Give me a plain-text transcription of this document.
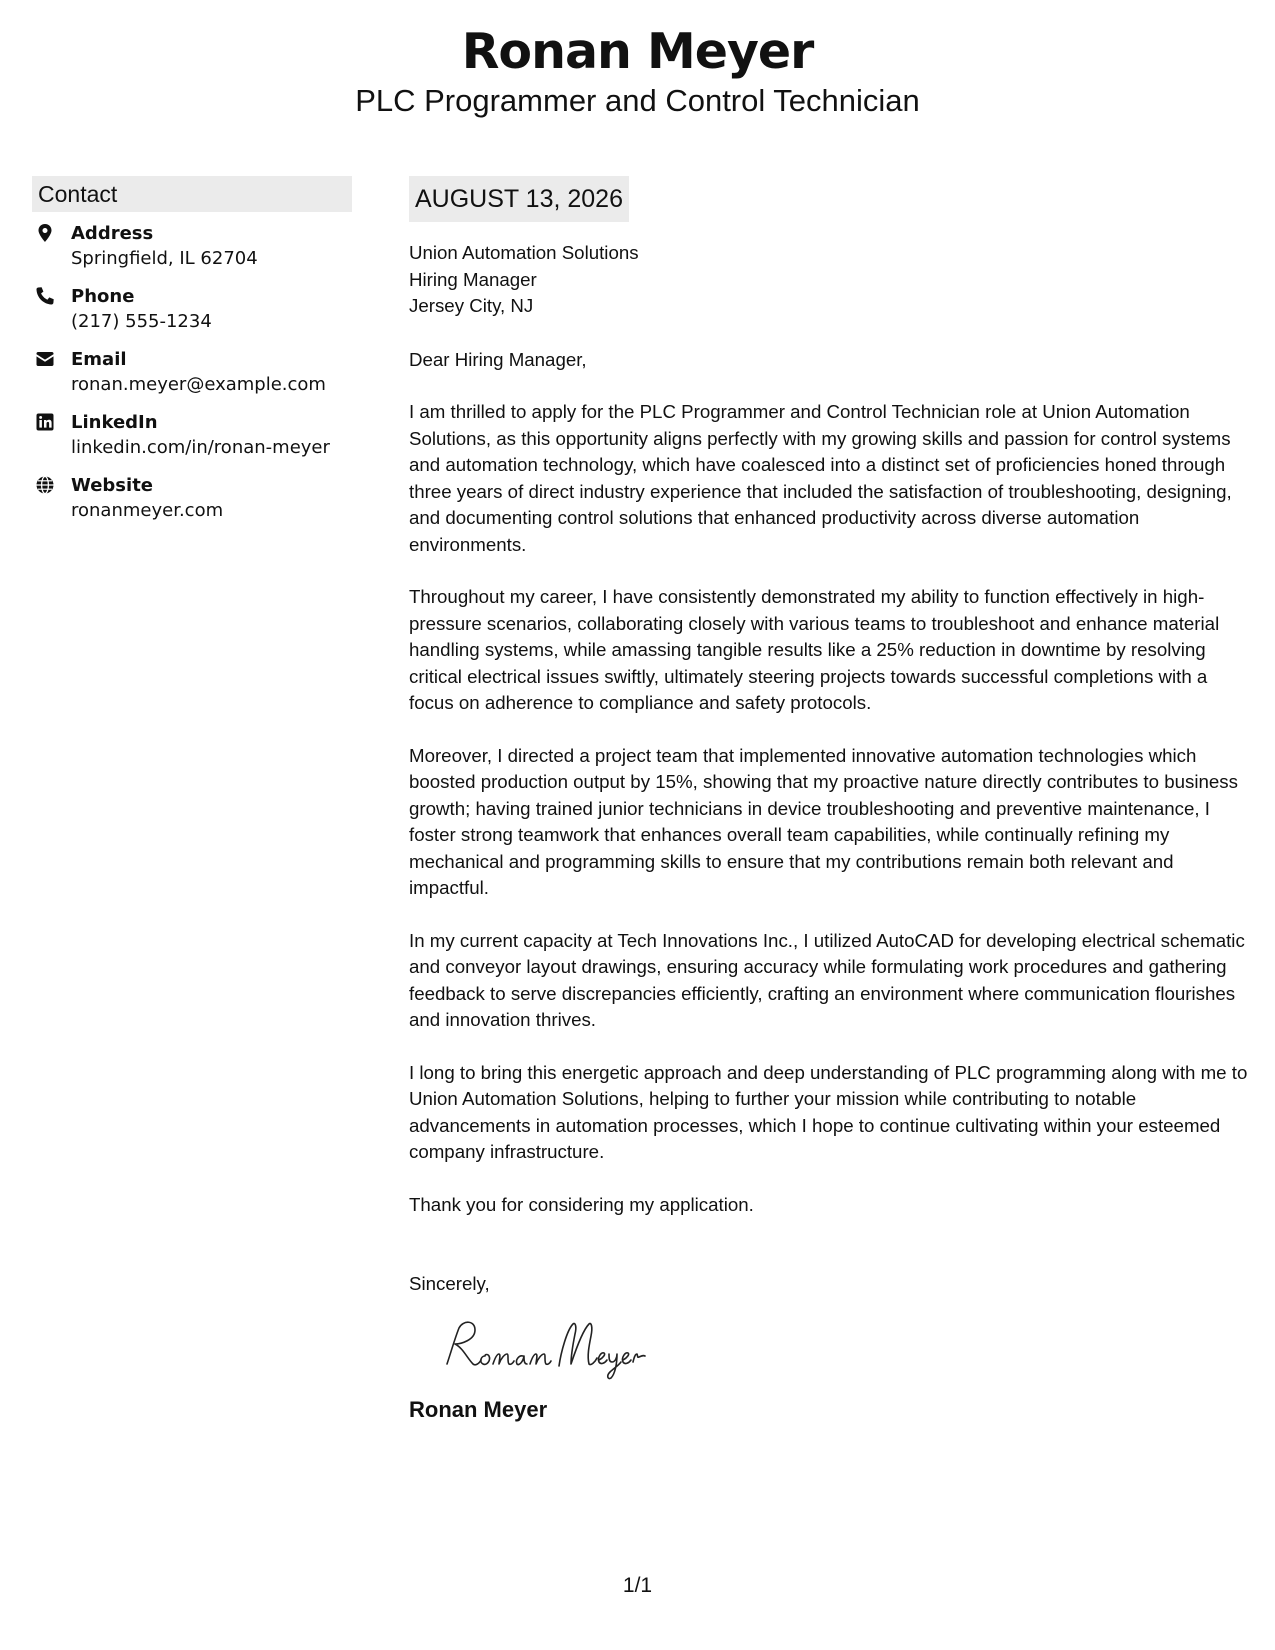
Ronan Meyer
PLC Programmer and Control Technician
Contact
Address
Springfield, IL 62704
Phone
(217) 555-1234
Email
ronan.meyer@example.com
LinkedIn
linkedin.com/in/ronan-meyer
Website
ronanmeyer.com
AUGUST 13, 2026
Union Automation Solutions
Hiring Manager
Jersey City, NJ
Dear Hiring Manager,
I am thrilled to apply for the PLC Programmer and Control Technician role at Union Automation Solutions, as this opportunity aligns perfectly with my growing skills and passion for control systems and automation technology, which have coalesced into a distinct set of proficiencies honed through three years of direct industry experience that included the satisfaction of troubleshooting, designing, and documenting control solutions that enhanced productivity across diverse automation environments.
Throughout my career, I have consistently demonstrated my ability to function effectively in high-pressure scenarios, collaborating closely with various teams to troubleshoot and enhance material handling systems, while amassing tangible results like a 25% reduction in downtime by resolving critical electrical issues swiftly, ultimately steering projects towards successful completions with a focus on adherence to compliance and safety protocols.
Moreover, I directed a project team that implemented innovative automation technologies which boosted production output by 15%, showing that my proactive nature directly contributes to business growth; having trained junior technicians in device troubleshooting and preventive maintenance, I foster strong teamwork that enhances overall team capabilities, while continually refining my mechanical and programming skills to ensure that my contributions remain both relevant and impactful.
In my current capacity at Tech Innovations Inc., I utilized AutoCAD for developing electrical schematic and conveyor layout drawings, ensuring accuracy while formulating work procedures and gathering feedback to serve discrepancies efficiently, crafting an environment where communication flourishes and innovation thrives.
I long to bring this energetic approach and deep understanding of PLC programming along with me to Union Automation Solutions, helping to further your mission while contributing to notable advancements in automation processes, which I hope to continue cultivating within your esteemed company infrastructure.
Thank you for considering my application.
Sincerely,
Ronan Meyer
1/1
